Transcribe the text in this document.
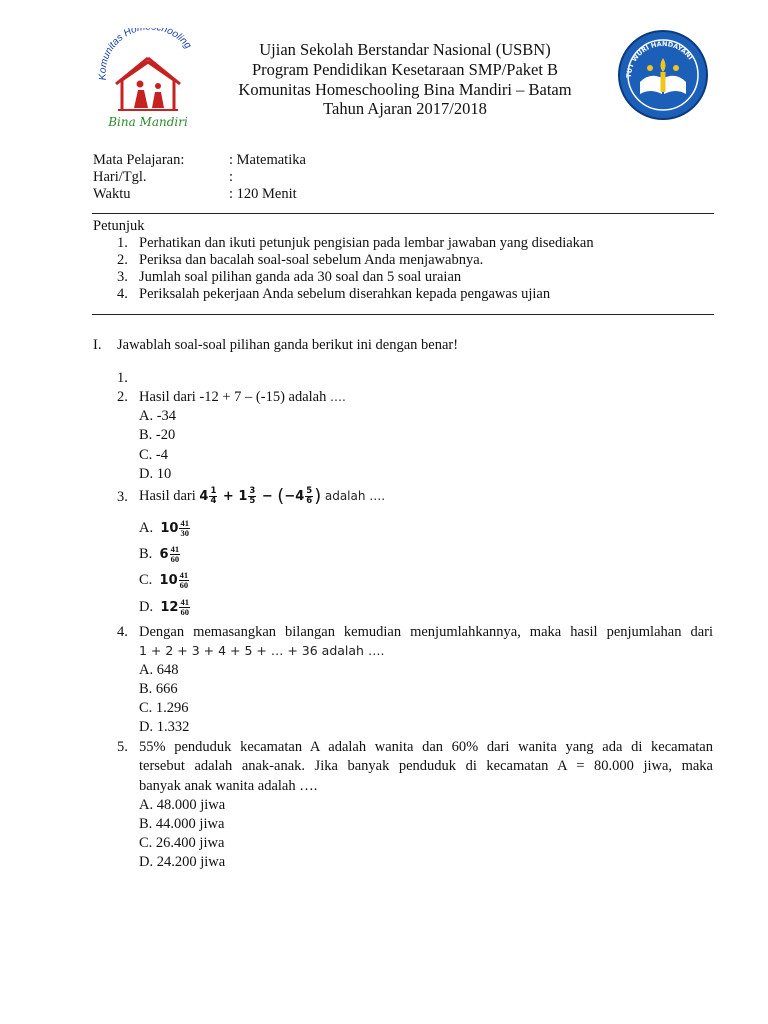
Komunitas Ho hooling
Bina Mandiri
TUT WURI HANDAYANI
Ujian Sekolah Berstandar Nasional (USBN)
Program Pendidikan Kesetaraan SMP/Paket B
Komunitas Homeschooling Bina Mandiri – Batam
Tahun Ajaran 2017/2018
Mata Pelajaran:	: Matematika
Hari/Tgl.	:
Waktu	: 120 Menit
Petunjuk
1. Perhatikan dan ikuti petunjuk pengisian pada lembar jawaban yang disediakan
2. Periksa dan bacalah soal-soal sebelum Anda menjawabnya.
3. Jumlah soal pilihan ganda ada 30 soal dan 5 soal uraian
4. Periksalah pekerjaan Anda sebelum diserahkan kepada pengawas ujian
I. Jawablah soal-soal pilihan ganda berikut ini dengan benar!
1.
2. Hasil dari -12 + 7 – (-15) adalah ….
A. -34
B. -20
C. -4
D. 10
3. Hasil dari $4 \frac{1}{4} + 1 \frac{3}{5} - (-4 \frac{5}{6}$ ) adalah ….
A. $10 \frac{41}{30}$
B. $6 \frac{41}{60}$
C. $10 \frac{41}{60}$
D. $12 \frac{41}{60}$
4. Dengan memasangkan bilangan kemudian menjumlahkannya, maka hasil penjumlahan dari
1 + 2 + 3 + 4 + 5 + … + 36 adalah ….
A. 648
B. 666
C. 1.296
D. 1.332
5. 55% penduduk kecamatan A adalah wanita dan 60% dari wanita yang ada di kecamatan
tersebut adalah anak-anak. Jika banyak penduduk di kecamatan A = 80.000 jiwa, maka
banyak anak wanita adalah ….
A. 48.000 jiwa
B. 44.000 jiwa
C. 26.400 jiwa
D. 24.200 jiwa
